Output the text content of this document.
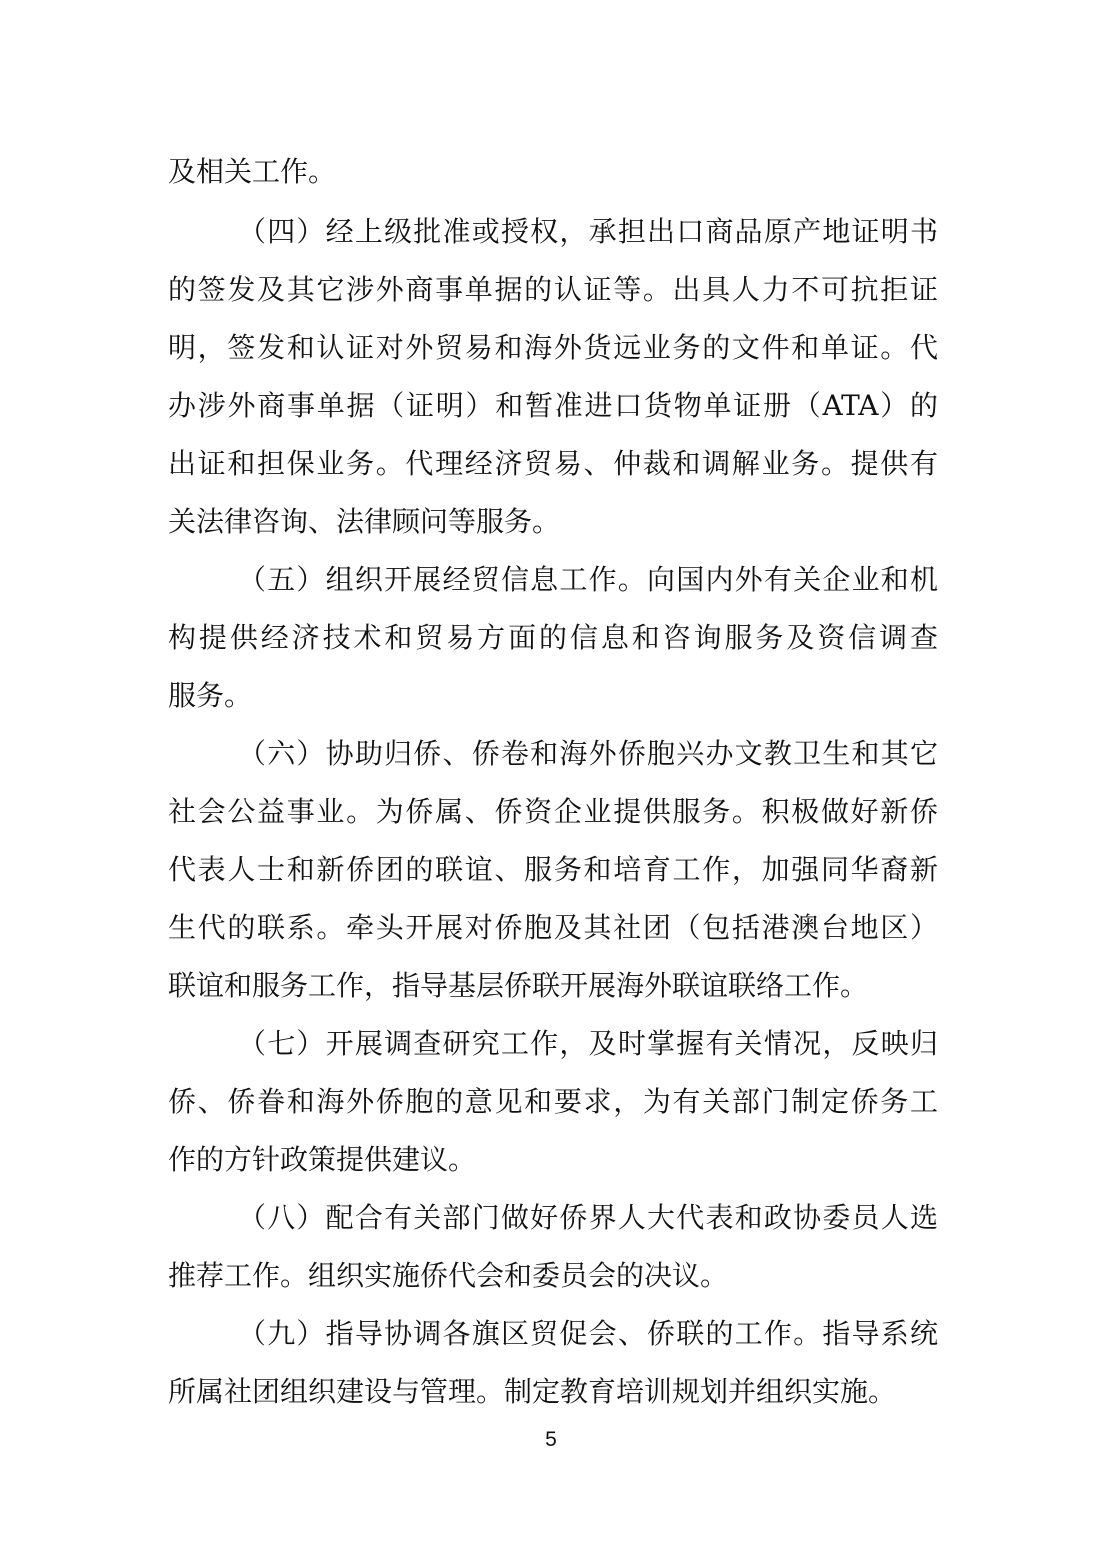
及相关工作。
（四）经上级批准或授权，承担出口商品原产地证明书
的签发及其它涉外商事单据的认证等。出具人力不可抗拒证
明，签发和认证对外贸易和海外货远业务的文件和单证。代
办涉外商事单据（证明）和暂准进口货物单证册（ATA）的
出证和担保业务。代理经济贸易、仲裁和调解业务。提供有
关法律咨询、法律顾问等服务。
（五）组织开展经贸信息工作。向国内外有关企业和机
构提供经济技术和贸易方面的信息和咨询服务及资信调查
服务。
（六）协助归侨、侨卷和海外侨胞兴办文教卫生和其它
社会公益事业。为侨属、侨资企业提供服务。积极做好新侨
代表人士和新侨团的联谊、服务和培育工作，加强同华裔新
生代的联系。牵头开展对侨胞及其社团（包括港澳台地区）
联谊和服务工作，指导基层侨联开展海外联谊联络工作。
（七）开展调查研究工作，及时掌握有关情况，反映归
侨、侨眷和海外侨胞的意见和要求，为有关部门制定侨务工
作的方针政策提供建议。
（八）配合有关部门做好侨界人大代表和政协委员人选
推荐工作。组织实施侨代会和委员会的决议。
（九）指导协调各旗区贸促会、侨联的工作。指导系统
所属社团组织建设与管理。制定教育培训规划并组织实施。
5
